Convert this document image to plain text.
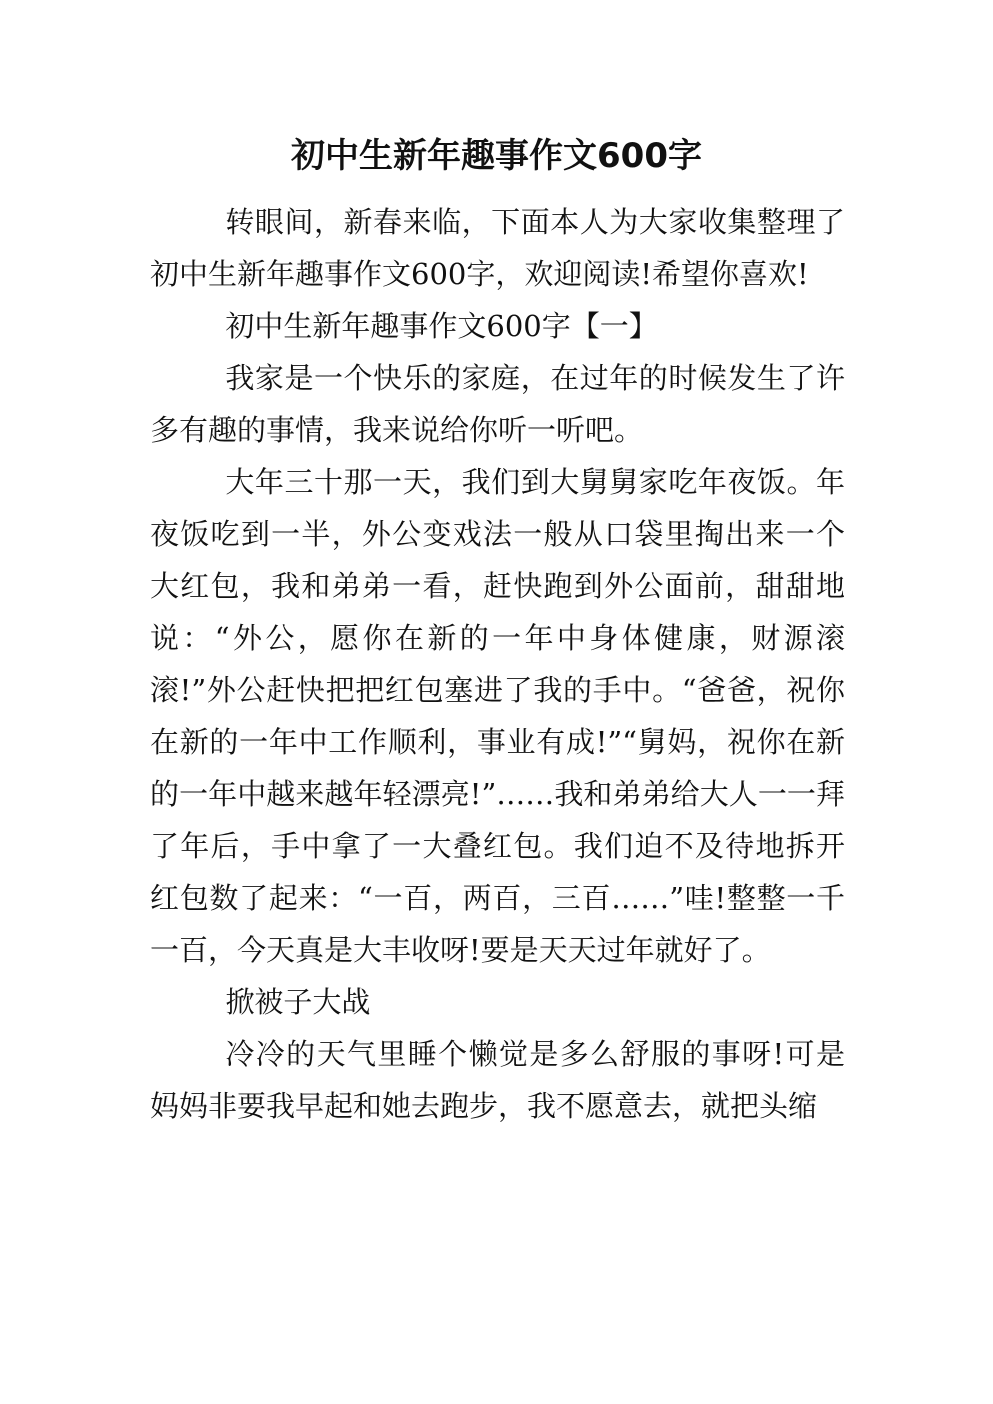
初中生新年趣事作文600字

转眼间，新春来临，下面本人为大家收集整理了初中生新年趣事作文600字，欢迎阅读!希望你喜欢!

初中生新年趣事作文600字【一】

我家是一个快乐的家庭，在过年的时候发生了许多有趣的事情，我来说给你听一听吧。

大年三十那一天，我们到大舅舅家吃年夜饭。年夜饭吃到一半，外公变戏法一般从口袋里掏出来一个大红包，我和弟弟一看，赶快跑到外公面前，甜甜地说：“外公，愿你在新的一年中身体健康，财源滚滚!”外公赶快把把红包塞进了我的手中。“爸爸，祝你在新的一年中工作顺利，事业有成!”“舅妈，祝你在新的一年中越来越年轻漂亮!”……我和弟弟给大人一一拜了年后，手中拿了一大叠红包。我们迫不及待地拆开红包数了起来：“一百，两百，三百……”哇!整整一千一百，今天真是大丰收呀!要是天天过年就好了。

掀被子大战

冷冷的天气里睡个懒觉是多么舒服的事呀!可是妈妈非要我早起和她去跑步，我不愿意去，就把头缩
